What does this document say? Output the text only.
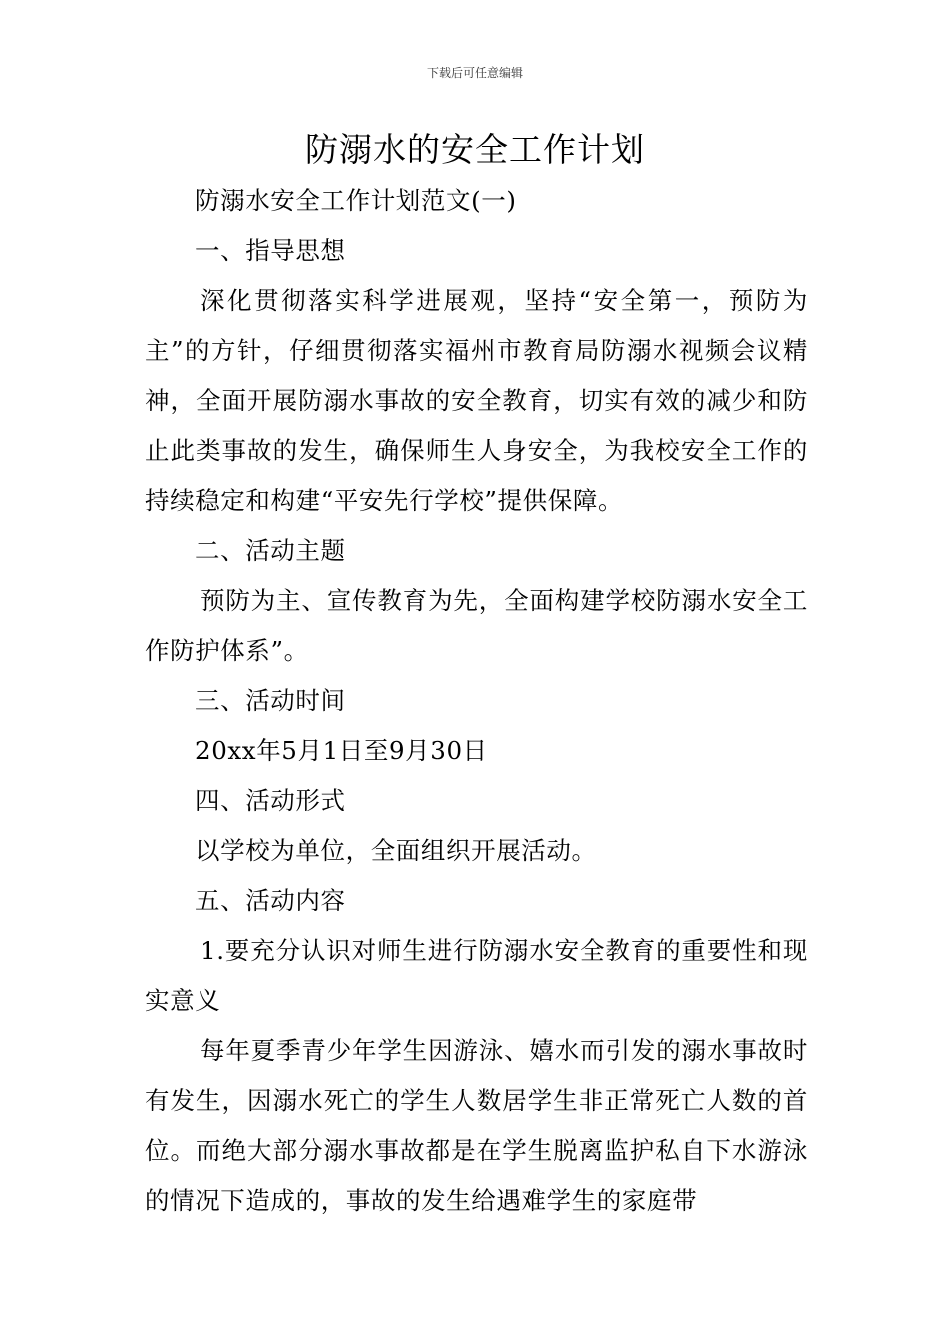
下载后可任意编辑
防溺水的安全工作计划

防溺水安全工作计划范文(一)

一、指导思想

深化贯彻落实科学进展观，坚持“安全第一，预防为主”的方针，仔细贯彻落实福州市教育局防溺水视频会议精神，全面开展防溺水事故的安全教育，切实有效的减少和防止此类事故的发生，确保师生人身安全，为我校安全工作的持续稳定和构建“平安先行学校”提供保障。

二、活动主题

预防为主、宣传教育为先，全面构建学校防溺水安全工作防护体系”。

三、活动时间

20xx年5月1日至9月30日

四、活动形式

以学校为单位，全面组织开展活动。

五、活动内容

1.要充分认识对师生进行防溺水安全教育的重要性和现实意义

每年夏季青少年学生因游泳、嬉水而引发的溺水事故时有发生，因溺水死亡的学生人数居学生非正常死亡人数的首位。而绝大部分溺水事故都是在学生脱离监护私自下水游泳的情况下造成的，事故的发生给遇难学生的家庭带
